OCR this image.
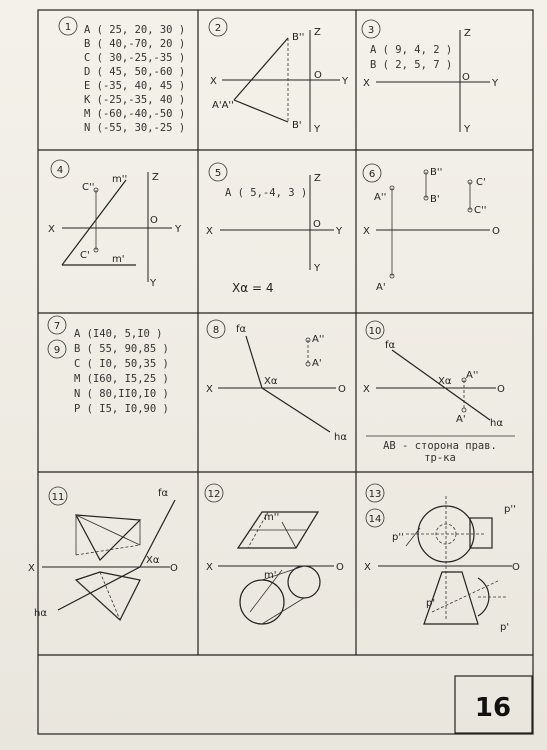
16
1 A ( 25, 20, 30 )
B ( 40,-70, 20 )
C ( 30,-25,-35 )
D ( 45, 50,-60 )
E (-35, 40, 45 )
K (-25,-35, 40 )
M (-60,-40,-50 )
N (-55, 30,-25 )
2
X	Y
Z
Y
O
B''
B'
A'A''
3
X	Y
Z
Y
O
A ( 9, 4, 2 )
B ( 2, 5, 7 )
4
X	Y
Z
Y
O
m''
m'
C''
C'
5
X	Y
Z
Y
O
A ( 5,-4, 3 )
Xα = 4
6
X	O
A''
A'
B''
B'
C'
C''
7
9
A (I40, 5,I0 )
B ( 55, 90,85 )
C ( I0, 50,35 )
M (I60, I5,25 )
N ( 80,II0,I0 )
P ( I5, I0,90 )
8
X	O
fα
hα
Xα
A''
A'
10
X	O
fα
hα
Xα
A''
A'
AB - сторона прав.
тр-ка
11
X	O
fα
hα
Xα
12
X	O
m''
m'
13
14
X	O
p''
p'
p''
p'
